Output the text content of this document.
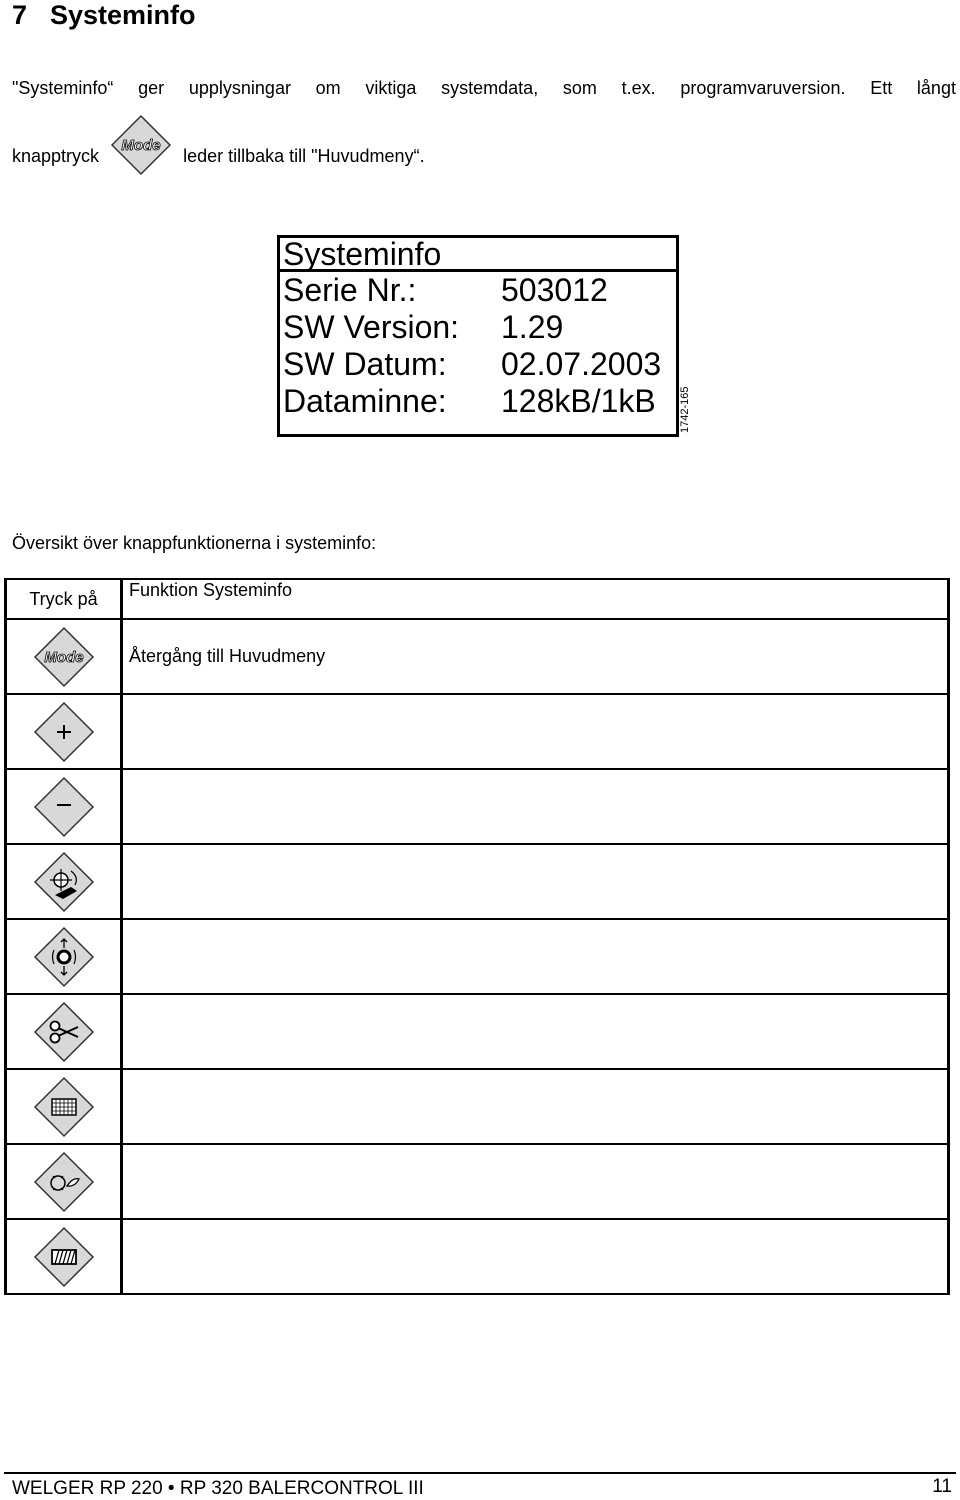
7 Systeminfo
"Systeminfo“ ger upplysningar om viktiga systemdata, som t.ex. programvaruversion. Ett långt
knapptryck Mode leder tillbaka till "Huvudmeny“.
Systeminfo
Serie Nr.:	503012
SW Version:	1.29
SW Datum:	02.07.2003
Dataminne:	128kB/1kB 1742-165
Översikt över knappfunktionerna i systeminfo:
Tryck på	Funktion Systeminfo

Mode	Återgång till Huvudmeny

WELGER RP 220 • RP 320 BALERCONTROL III	11
